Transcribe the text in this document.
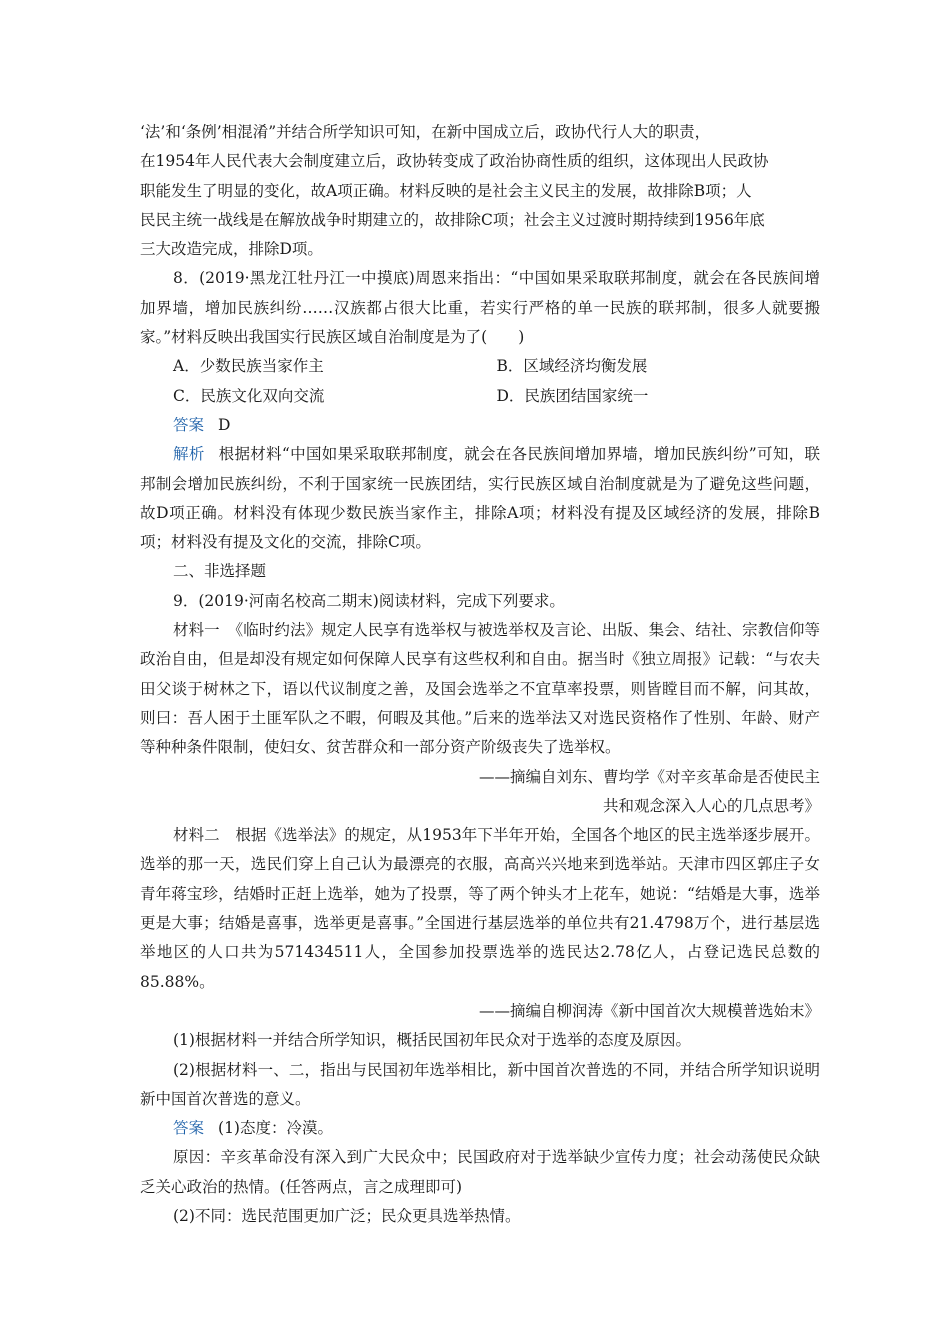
‘法’和‘条例’相混淆”并结合所学知识可知，在新中国成立后，政协代行人大的职责，

在1954年人民代表大会制度建立后，政协转变成了政治协商性质的组织，这体现出人民政协

职能发生了明显的变化，故A项正确。材料反映的是社会主义民主的发展，故排除B项；人

民民主统一战线是在解放战争时期建立的，故排除C项；社会主义过渡时期持续到1956年底

三大改造完成，排除D项。

8．(2019·黑龙江牡丹江一中摸底)周恩来指出：“中国如果采取联邦制度，就会在各民族间增加界墙，增加民族纠纷……汉族都占很大比重，若实行严格的单一民族的联邦制，很多人就要搬家。”材料反映出我国实行民族区域自治制度是为了(　　)

A．少数民族当家作主	B．区域经济均衡发展
C．民族文化双向交流	D．民族团结国家统一

答案 D

解析 根据材料“中国如果采取联邦制度，就会在各民族间增加界墙，增加民族纠纷”可知，联邦制会增加民族纠纷，不利于国家统一民族团结，实行民族区域自治制度就是为了避免这些问题，故D项正确。材料没有体现少数民族当家作主，排除A项；材料没有提及区域经济的发展，排除B项；材料没有提及文化的交流，排除C项。

二、非选择题

9．(2019·河南名校高二期末)阅读材料，完成下列要求。

材料一　《临时约法》规定人民享有选举权与被选举权及言论、出版、集会、结社、宗教信仰等政治自由，但是却没有规定如何保障人民享有这些权利和自由。据当时《独立周报》记载：“与农夫田父谈于树林之下，语以代议制度之善，及国会选举之不宜草率投票，则皆瞠目而不解，问其故，则曰：吾人困于土匪军队之不暇，何暇及其他。”后来的选举法又对选民资格作了性别、年龄、财产等种种条件限制，使妇女、贫苦群众和一部分资产阶级丧失了选举权。

——摘编自刘东、曹均学《对辛亥革命是否使民主

共和观念深入人心的几点思考》

材料二　根据《选举法》的规定，从1953年下半年开始，全国各个地区的民主选举逐步展开。选举的那一天，选民们穿上自己认为最漂亮的衣服，高高兴兴地来到选举站。天津市四区郭庄子女青年蒋宝珍，结婚时正赶上选举，她为了投票，等了两个钟头才上花车，她说：“结婚是大事，选举更是大事；结婚是喜事，选举更是喜事。”全国进行基层选举的单位共有21.4798万个，进行基层选举地区的人口共为571434511人，全国参加投票选举的选民达2.78亿人，占登记选民总数的85.88%。

——摘编自柳润涛《新中国首次大规模普选始末》

(1)根据材料一并结合所学知识，概括民国初年民众对于选举的态度及原因。

(2)根据材料一、二，指出与民国初年选举相比，新中国首次普选的不同，并结合所学知识说明新中国首次普选的意义。

答案 (1)态度：冷漠。

原因：辛亥革命没有深入到广大民众中；民国政府对于选举缺少宣传力度；社会动荡使民众缺乏关心政治的热情。(任答两点，言之成理即可)

(2)不同：选民范围更加广泛；民众更具选举热情。
